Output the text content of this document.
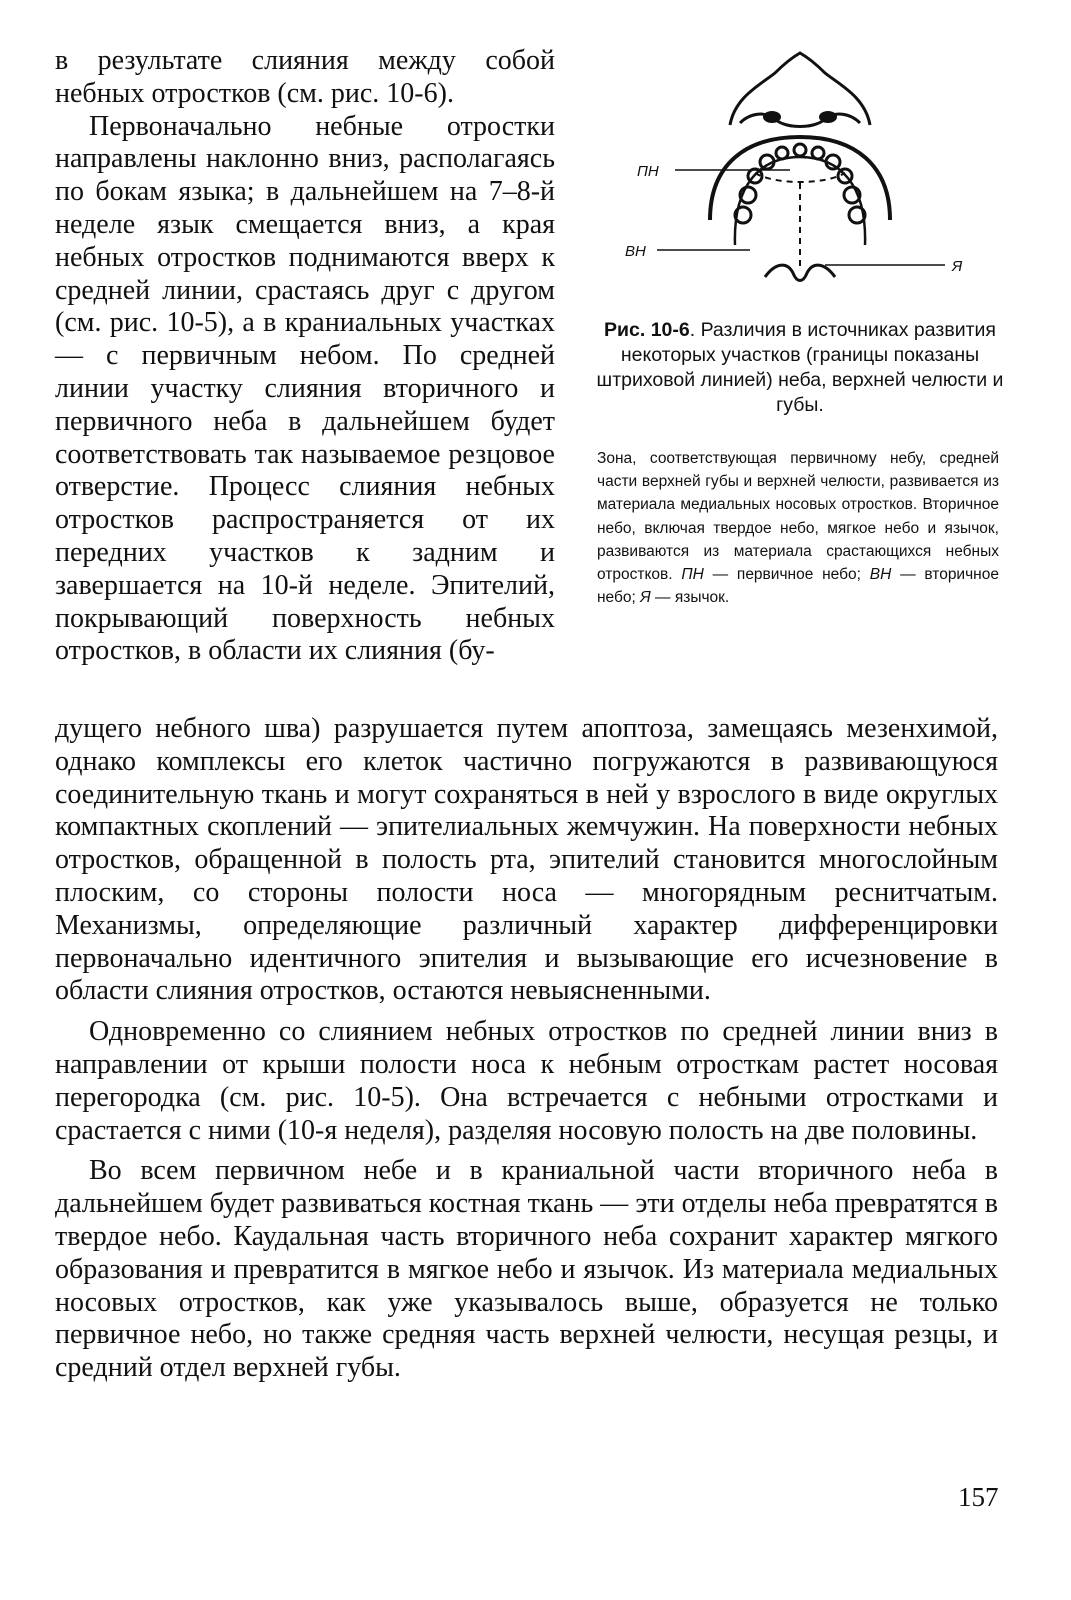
в результате слияния между собой небных отростков (см. рис. 10-6).

Первоначально небные отростки направлены наклонно вниз, располагаясь по бокам языка; в дальнейшем на 7–8-й неделе язык смещается вниз, а края небных отростков поднимаются вверх к средней линии, срастаясь друг с другом (см. рис. 10-5), а в краниальных участках — с первичным небом. По средней линии участку слияния вторичного и первичного неба в дальнейшем будет соответствовать так называемое резцовое отверстие. Процесс слияния небных отростков распространяется от их передних участков к задним и завершается на 10-й неделе. Эпителий, покрывающий поверхность небных отростков, в области их слияния (бу-

ПН
ВН
Я
Рис. 10-6. Различия в источниках развития некоторых участков (границы показаны штриховой линией) неба, верхней челюсти и губы.
Зона, соответствующая первичному небу, средней части верхней губы и верхней челюсти, развивается из материала медиальных носовых отростков. Вторичное небо, включая твердое небо, мягкое небо и язычок, развиваются из материала срастающихся небных отростков. ПН — первичное небо; ВН — вторичное небо; Я — язычок.

дущего небного шва) разрушается путем апоптоза, замещаясь мезенхимой, однако комплексы его клеток частично погружаются в развивающуюся соединительную ткань и могут сохраняться в ней у взрослого в виде округлых компактных скоплений — эпителиальных жемчужин. На поверхности небных отростков, обращенной в полость рта, эпителий становится многослойным плоским, со стороны полости носа — многорядным реснитчатым. Механизмы, определяющие различный характер дифференцировки первоначально идентичного эпителия и вызывающие его исчезновение в области слияния отростков, остаются невыясненными.

Одновременно со слиянием небных отростков по средней линии вниз в направлении от крыши полости носа к небным отросткам растет носовая перегородка (см. рис. 10-5). Она встречается с небными отростками и срастается с ними (10-я неделя), разделяя носовую полость на две половины.

Во всем первичном небе и в краниальной части вторичного неба в дальнейшем будет развиваться костная ткань — эти отделы неба превратятся в твердое небо. Каудальная часть вторичного неба сохранит характер мягкого образования и превратится в мягкое небо и язычок. Из материала медиальных носовых отростков, как уже указывалось выше, образуется не только первичное небо, но также средняя часть верхней челюсти, несущая резцы, и средний отдел верхней губы.

157
